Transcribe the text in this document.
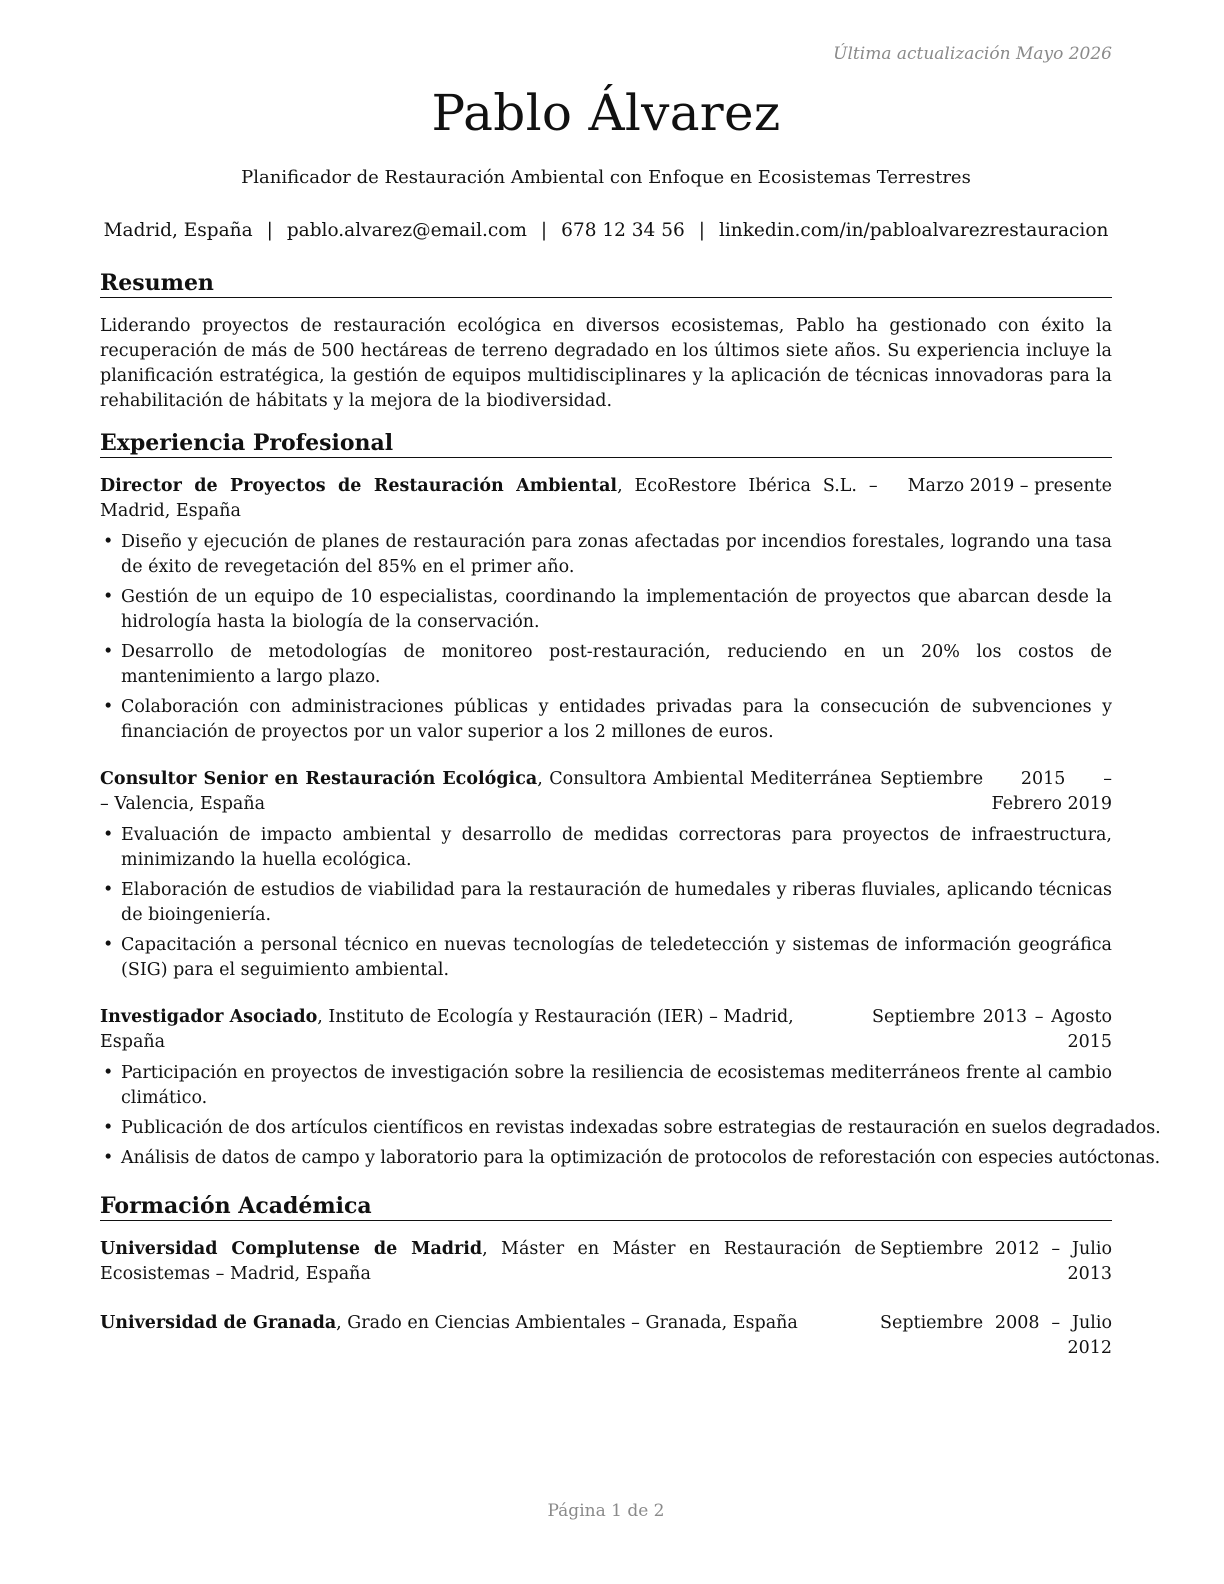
Última actualización Mayo 2026
Pablo Álvarez
Planificador de Restauración Ambiental con Enfoque en Ecosistemas Terrestres
Madrid, España | pablo.alvarez@email.com | 678 12 34 56 | linkedin.com/in/pabloalvarezrestauracion
Resumen
Liderando proyectos de restauración ecológica en diversos ecosistemas, Pablo ha gestionado con éxito la recuperación de más de 500 hectáreas de terreno degradado en los últimos siete años. Su experiencia incluye la planificación estratégica, la gestión de equipos multidisciplinares y la aplicación de técnicas innovadoras para la rehabilitación de hábitats y la mejora de la biodiversidad.
Experiencia Profesional
Director de Proyectos de Restauración Ambiental, EcoRestore Ibérica S.L. – Madrid, España
Marzo 2019 – presente
• Diseño y ejecución de planes de restauración para zonas afectadas por incendios forestales, logrando una tasa de éxito de revegetación del 85% en el primer año.
• Gestión de un equipo de 10 especialistas, coordinando la implementación de proyectos que abarcan desde la hidrología hasta la biología de la conservación.
• Desarrollo de metodologías de monitoreo post-restauración, reduciendo en un 20% los costos de mantenimiento a largo plazo.
• Colaboración con administraciones públicas y entidades privadas para la consecución de subvenciones y financiación de proyectos por un valor superior a los 2 millones de euros.
Consultor Senior en Restauración Ecológica, Consultora Ambiental Mediterránea – Valencia, España
Septiembre 2015 – Febrero 2019
• Evaluación de impacto ambiental y desarrollo de medidas correctoras para proyectos de infraestructura, minimizando la huella ecológica.
• Elaboración de estudios de viabilidad para la restauración de humedales y riberas fluviales, aplicando técnicas de bioingeniería.
• Capacitación a personal técnico en nuevas tecnologías de teledetección y sistemas de información geográfica (SIG) para el seguimiento ambiental.
Investigador Asociado, Instituto de Ecología y Restauración (IER) – Madrid, España
Septiembre 2013 – Agosto 2015
• Participación en proyectos de investigación sobre la resiliencia de ecosistemas mediterráneos frente al cambio climático.
• Publicación de dos artículos científicos en revistas indexadas sobre estrategias de restauración en suelos degradados.
• Análisis de datos de campo y laboratorio para la optimización de protocolos de reforestación con especies autóctonas.
Formación Académica
Universidad Complutense de Madrid, Máster en Máster en Restauración de Ecosistemas – Madrid, España
Septiembre 2012 – Julio 2013
Universidad de Granada, Grado en Ciencias Ambientales – Granada, España	Septiembre 2008 – Julio 2012
Página 1 de 2
